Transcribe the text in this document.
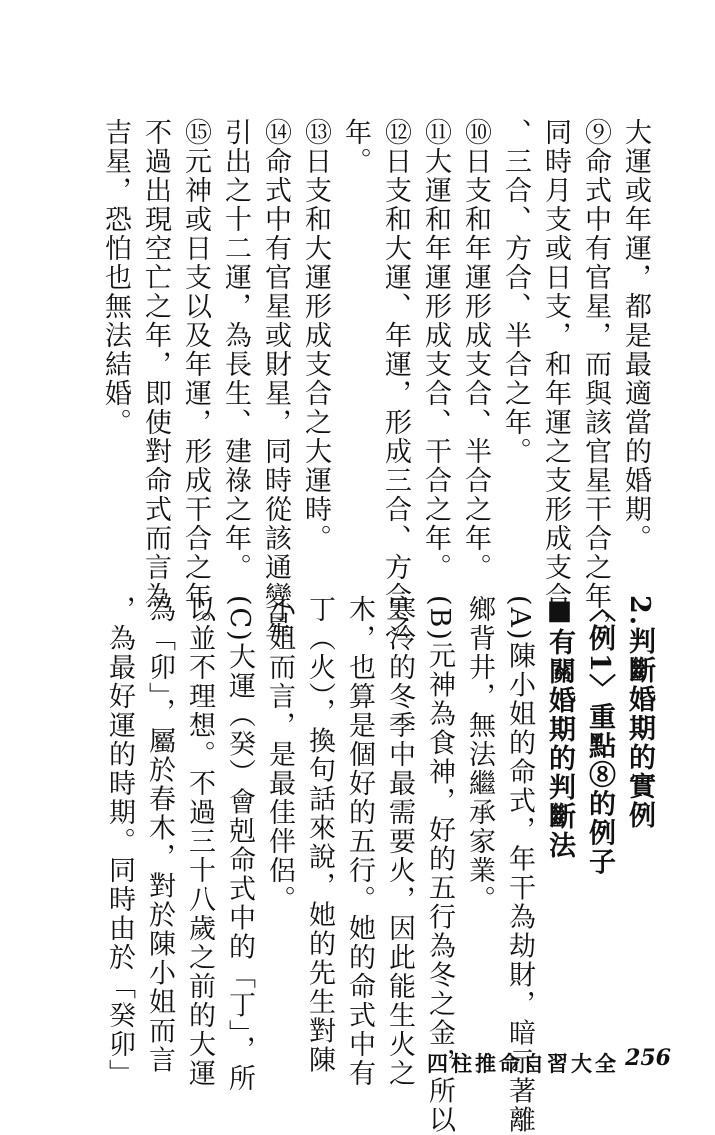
大運或年運，都是最適當的婚期。

⑨命式中有官星，而與該官星干合之年，

同時月支或日支，和年運之支形成支合

、三合、方合、半合之年。

⑩日支和年運形成支合、半合之年。

⑪大運和年運形成支合、干合之年。

⑫日支和大運、年運，形成三合、方合之

年。

⑬日支和大運形成支合之大運時。

⑭命式中有官星或財星，同時從該通變星

引出之十二運，為長生、建祿之年。

⑮元神或日支以及年運，形成干合之年。

不過出現空亡之年，即使對命式而言為

吉星，恐怕也無法結婚。

2.判斷婚期的實例

〈例1〉重點⑧的例子

■有關婚期的判斷法

(A)陳小姐的命式，年干為劫財，暗示著離

鄉背井，無法繼承家業。

(B)元神為食神，好的五行為冬之金，所以

寒冷的冬季中最需要火，因此能生火之

木，也算是個好的五行。她的命式中有

丁（火），換句話來說，她的先生對陳

小姐而言，是最佳伴侶。

(C)大運（癸）會剋命式中的「丁」，所

以並不理想。不過三十八歲之前的大運

為「卯」，屬於春木，對於陳小姐而言

，為最好運的時期。同時由於「癸卯」	四柱推命自習大全 256
